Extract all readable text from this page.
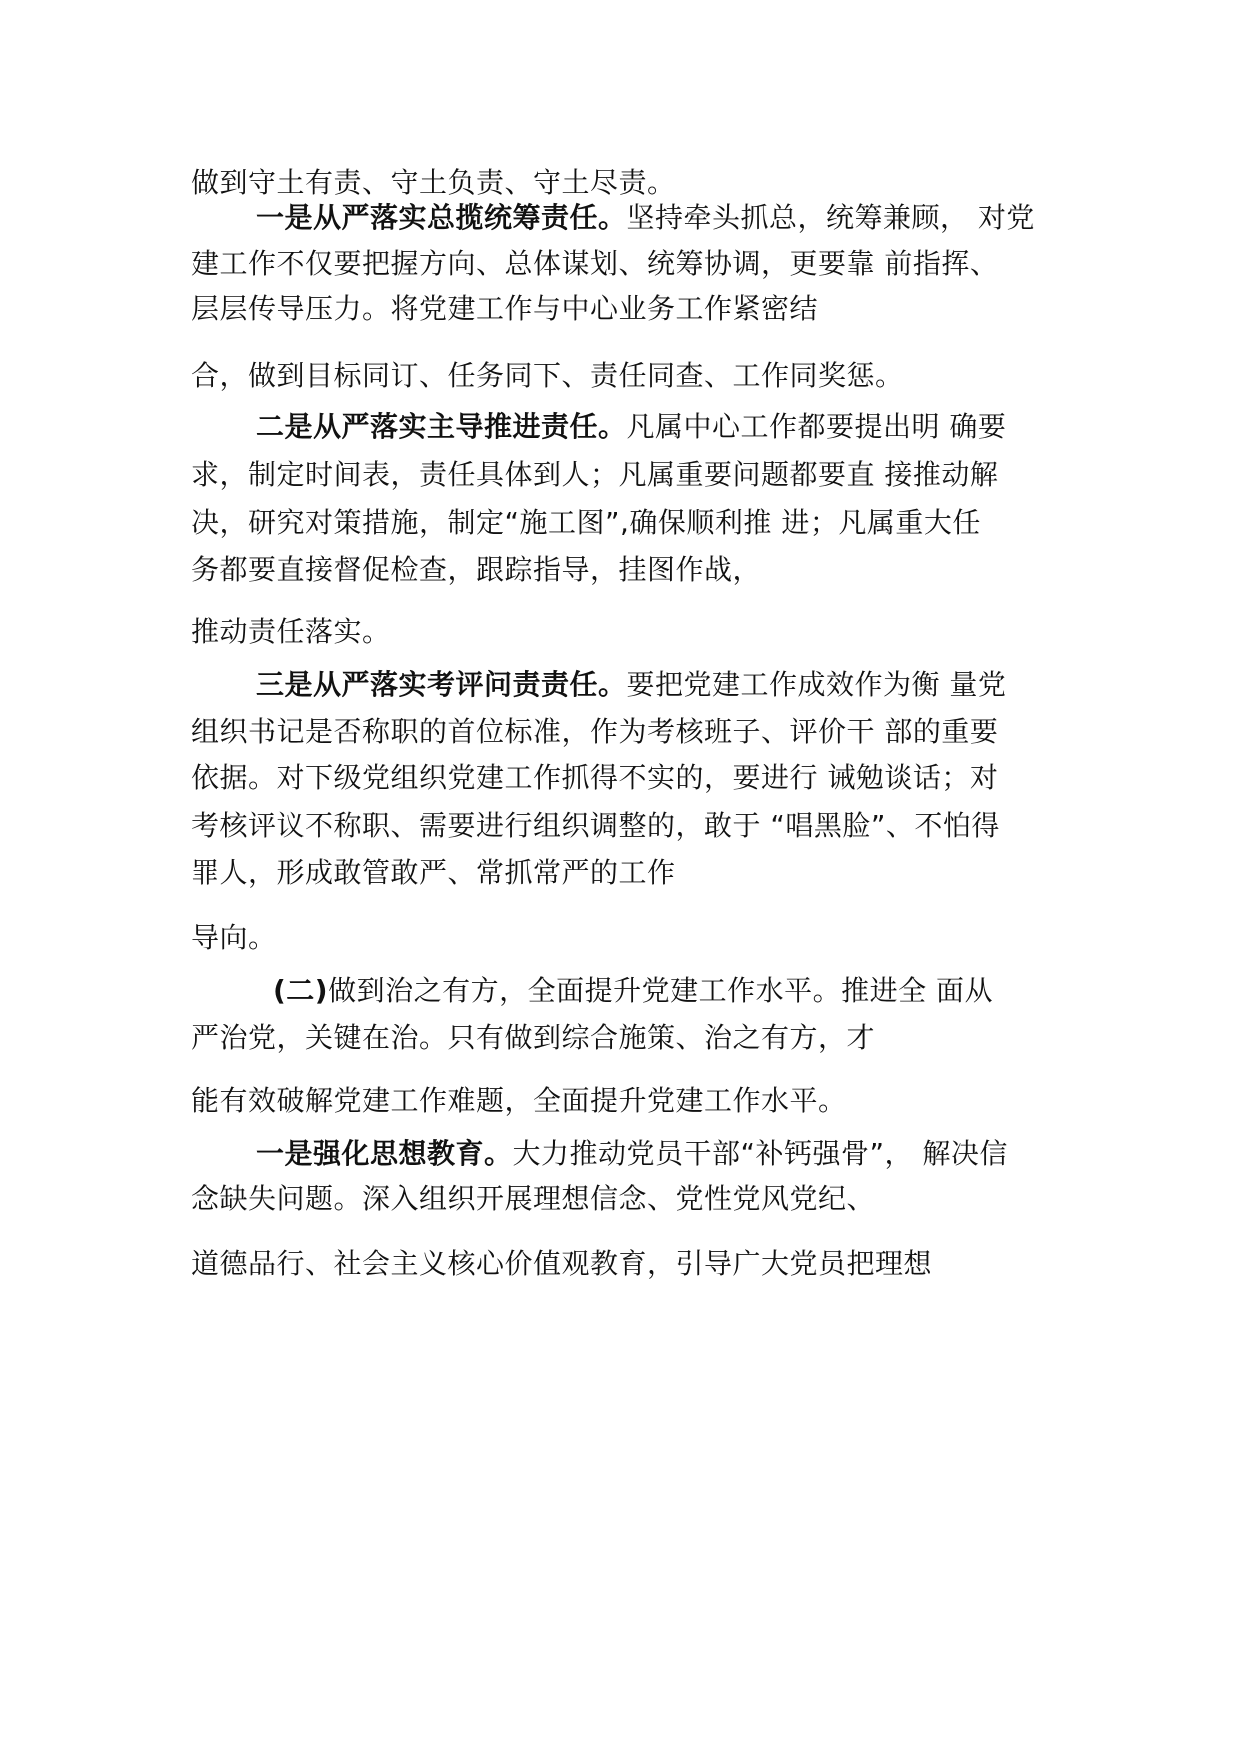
做到守土有责、守土负责、守土尽责。
一是从严落实总揽统筹责任。坚持牵头抓总，统筹兼顾， 对党
建工作不仅要把握方向、总体谋划、统筹协调，更要靠 前指挥、
层层传导压力。将党建工作与中心业务工作紧密结
合，做到目标同订、任务同下、责任同查、工作同奖惩。
二是从严落实主导推进责任。凡属中心工作都要提出明 确要
求，制定时间表，责任具体到人；凡属重要问题都要直 接推动解
决，研究对策措施，制定“施工图”,确保顺利推 进；凡属重大任
务都要直接督促检查，跟踪指导，挂图作战，
推动责任落实。
三是从严落实考评问责责任。要把党建工作成效作为衡 量党
组织书记是否称职的首位标准，作为考核班子、评价干 部的重要
依据。对下级党组织党建工作抓得不实的，要进行 诫勉谈话；对
考核评议不称职、需要进行组织调整的，敢于 “唱黑脸”、不怕得
罪人，形成敢管敢严、常抓常严的工作
导向。
(二)做到治之有方，全面提升党建工作水平。推进全 面从
严治党，关键在治。只有做到综合施策、治之有方，才
能有效破解党建工作难题，全面提升党建工作水平。
一是强化思想教育。大力推动党员干部“补钙强骨”， 解决信
念缺失问题。深入组织开展理想信念、党性党风党纪、
道德品行、社会主义核心价值观教育，引导广大党员把理想
